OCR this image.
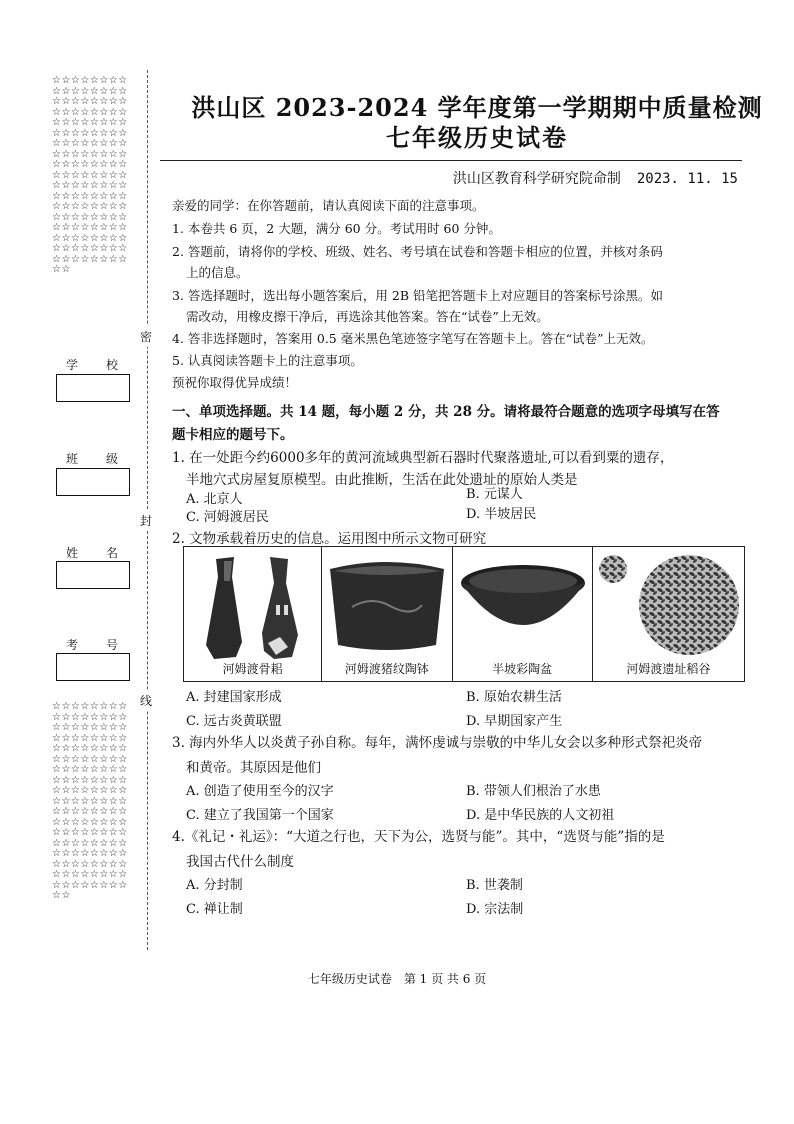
☆☆☆☆☆☆☆☆☆☆☆☆☆☆☆☆☆☆☆☆☆☆☆☆☆☆☆☆☆☆☆☆☆☆☆☆☆☆☆☆☆☆☆☆☆☆☆☆☆☆☆☆☆☆☆☆☆☆☆☆☆☆☆☆☆☆☆☆☆☆☆☆☆☆☆☆☆☆☆☆☆☆☆☆☆☆☆☆☆☆☆☆☆☆☆☆☆☆☆☆☆☆☆☆☆☆☆☆☆☆☆☆☆☆☆☆☆☆☆☆☆☆☆☆☆☆☆☆☆☆☆☆☆☆☆☆☆☆☆☆☆☆☆☆☆☆
☆☆☆☆☆☆☆☆☆☆☆☆☆☆☆☆☆☆☆☆☆☆☆☆☆☆☆☆☆☆☆☆☆☆☆☆☆☆☆☆☆☆☆☆☆☆☆☆☆☆☆☆☆☆☆☆☆☆☆☆☆☆☆☆☆☆☆☆☆☆☆☆☆☆☆☆☆☆☆☆☆☆☆☆☆☆☆☆☆☆☆☆☆☆☆☆☆☆☆☆☆☆☆☆☆☆☆☆☆☆☆☆☆☆☆☆☆☆☆☆☆☆☆☆☆☆☆☆☆☆☆☆☆☆☆☆☆☆☆☆☆☆☆☆☆☆
密
封
线
学	校
班	级
姓	名
考	号
洪山区 2023-2024 学年度第一学期期中质量检测
七年级历史试卷
洪山区教育科学研究院命制 2023. 11. 15
亲爱的同学：在你答题前，请认真阅读下面的注意事项。
1. 本卷共 6 页，2 大题，满分 60 分。考试用时 60 分钟。
2. 答题前，请将你的学校、班级、姓名、考号填在试卷和答题卡相应的位置，并核对条码
上的信息。
3. 答选择题时，选出每小题答案后，用 2B 铅笔把答题卡上对应题目的答案标号涂黑。如
需改动，用橡皮擦干净后，再选涂其他答案。答在“试卷”上无效。
4. 答非选择题时，答案用 0.5 毫米黑色笔迹签字笔写在答题卡上。答在“试卷”上无效。
5. 认真阅读答题卡上的注意事项。
预祝你取得优异成绩！
一、单项选择题。共 14 题，每小题 2 分，共 28 分。请将最符合题意的选项字母填写在答
题卡相应的题号下。
1. 在一处距今约6000多年的黄河流域典型新石器时代聚落遗址,可以看到粟的遗存，
半地穴式房屋复原模型。由此推断，生活在此处遗址的原始人类是
A. 北京人	B. 元谋人
C. 河姆渡居民	D. 半坡居民
2. 文物承载着历史的信息。运用图中所示文物可研究
河姆渡骨耜	河姆渡猪纹陶钵	半坡彩陶盆	河姆渡遗址稻谷
A. 封建国家形成	B. 原始农耕生活
C. 远古炎黄联盟	D. 早期国家产生
3. 海内外华人以炎黄子孙自称。每年，满怀虔诚与崇敬的中华儿女会以多种形式祭祀炎帝
和黄帝。其原因是他们
A. 创造了使用至今的汉字	B. 带领人们根治了水患
C. 建立了我国第一个国家	D. 是中华民族的人文初祖
4.《礼记・礼运》：“大道之行也，天下为公，选贤与能”。其中，“选贤与能”指的是
我国古代什么制度
A. 分封制	B. 世袭制
C. 禅让制	D. 宗法制
七年级历史试卷　第 1 页 共 6 页
